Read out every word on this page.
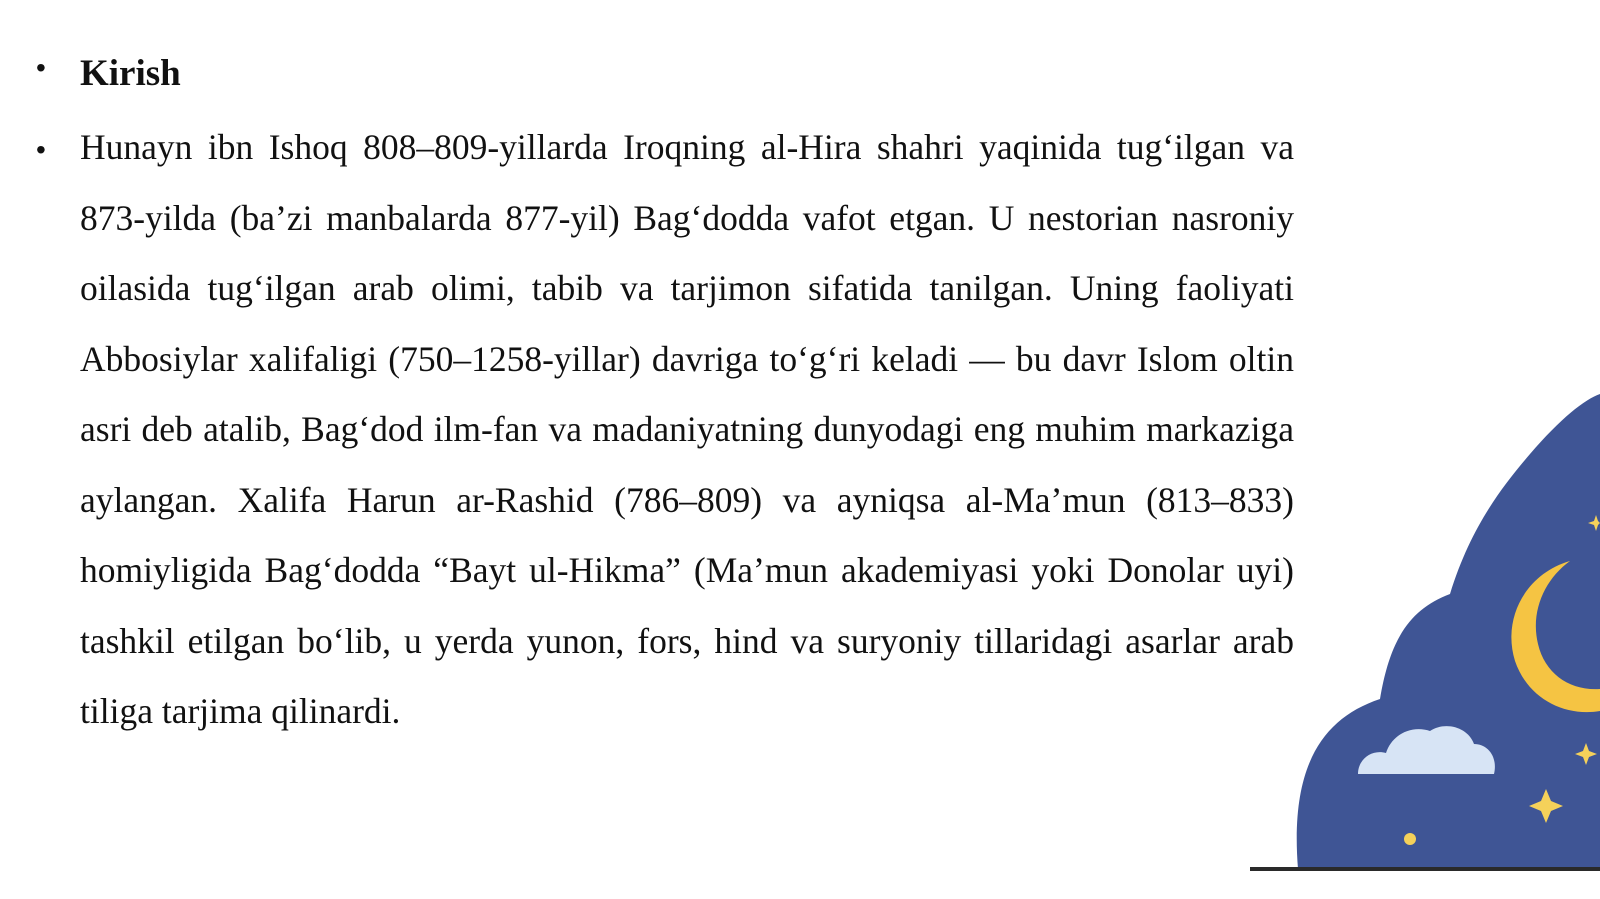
• Kirish
• Hunayn ibn Ishoq 808–809-yillarda Iroqning al-Hira shahri yaqinida tug‘ilgan va 873-yilda (ba’zi manbalarda 877-yil) Bag‘dodda vafot etgan. U nestorian nasroniy oilasida tug‘ilgan arab olimi, tabib va tarjimon sifatida tanilgan. Uning faoliyati Abbosiylar xalifaligi (750–1258-yillar) davriga to‘g‘ri keladi — bu davr Islom oltin asri deb atalib, Bag‘dod ilm-fan va madaniyatning dunyodagi eng muhim markaziga aylangan. Xalifa Harun ar-Rashid (786–809) va ayniqsa al-Ma’mun (813–833) homiyligida Bag‘dodda “Bayt ul-Hikma” (Ma’mun akademiyasi yoki Donolar uyi) tashkil etilgan bo‘lib, u yerda yunon, fors, hind va suryoniy tillaridagi asarlar arab tiliga tarjima qilinardi.
